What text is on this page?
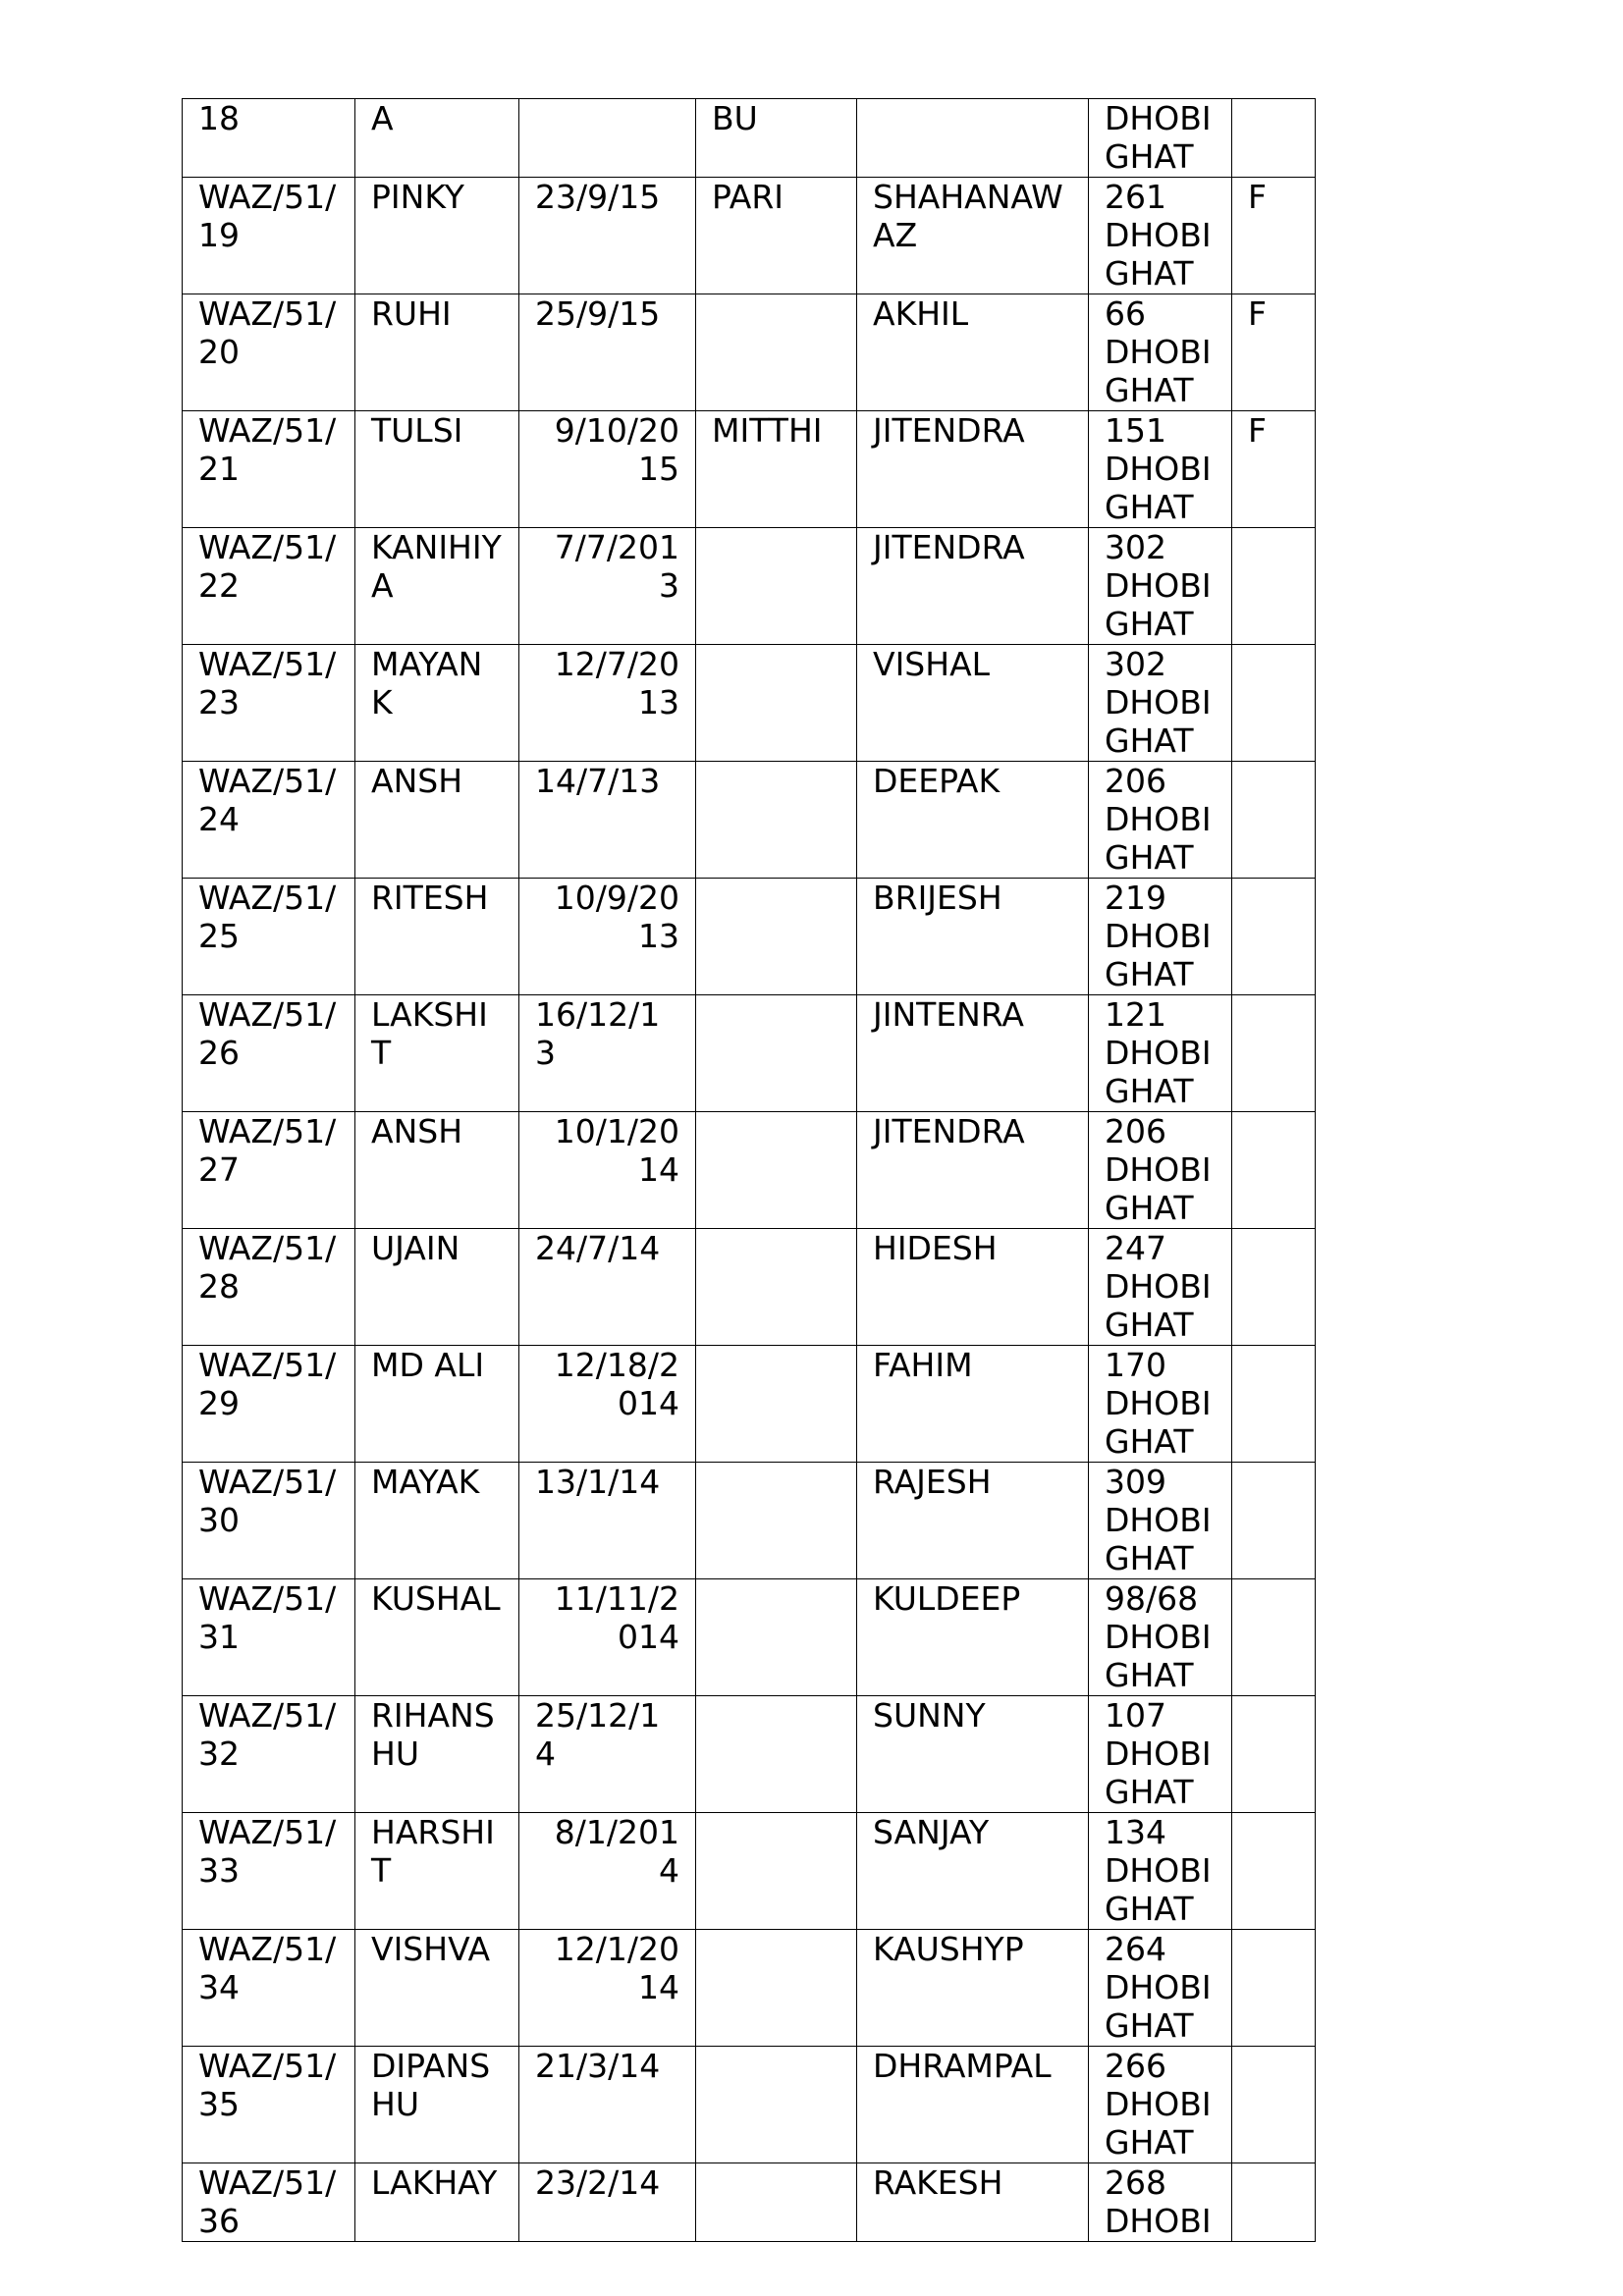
18	A		BU		DHOBI
GHAT	

WAZ/51/19	PINKY	23/9/15	PARI	SHAHANAWAZ	261
DHOBI
GHAT	F
WAZ/51/20	RUHI	25/9/15		AKHIL	66
DHOBI
GHAT	F
WAZ/51/21	TULSI	9/10/2015	MITTHI	JITENDRA	151
DHOBI
GHAT	F
WAZ/51/22	KANIHIYA	7/7/2013		JITENDRA	302
DHOBI
GHAT	

WAZ/51/23	MAYANK	12/7/2013		VISHAL	302
DHOBI
GHAT	

WAZ/51/24	ANSH	14/7/13		DEEPAK	206
DHOBI
GHAT	

WAZ/51/25	RITESH	10/9/2013		BRIJESH	219
DHOBI
GHAT	

WAZ/51/26	LAKSHIT	16/12/13		JINTENRA	121
DHOBI
GHAT	

WAZ/51/27	ANSH	10/1/2014		JITENDRA	206
DHOBI
GHAT	

WAZ/51/28	UJAIN	24/7/14		HIDESH	247
DHOBI
GHAT	

WAZ/51/29	MD ALI	12/18/2014		FAHIM	170
DHOBI
GHAT	

WAZ/51/30	MAYAK	13/1/14		RAJESH	309
DHOBI
GHAT	

WAZ/51/31	KUSHAL	11/11/2014		KULDEEP	98/68
DHOBI
GHAT	

WAZ/51/32	RIHANSHU	25/12/14		SUNNY	107
DHOBI
GHAT	

WAZ/51/33	HARSHIT	8/1/2014		SANJAY	134
DHOBI
GHAT	

WAZ/51/34	VISHVA	12/1/2014		KAUSHYP	264
DHOBI
GHAT	

WAZ/51/35	DIPANSHU	21/3/14		DHRAMPAL	266
DHOBI
GHAT	

WAZ/51/36	LAKHAY	23/2/14		RAKESH	268
DHOBI	
